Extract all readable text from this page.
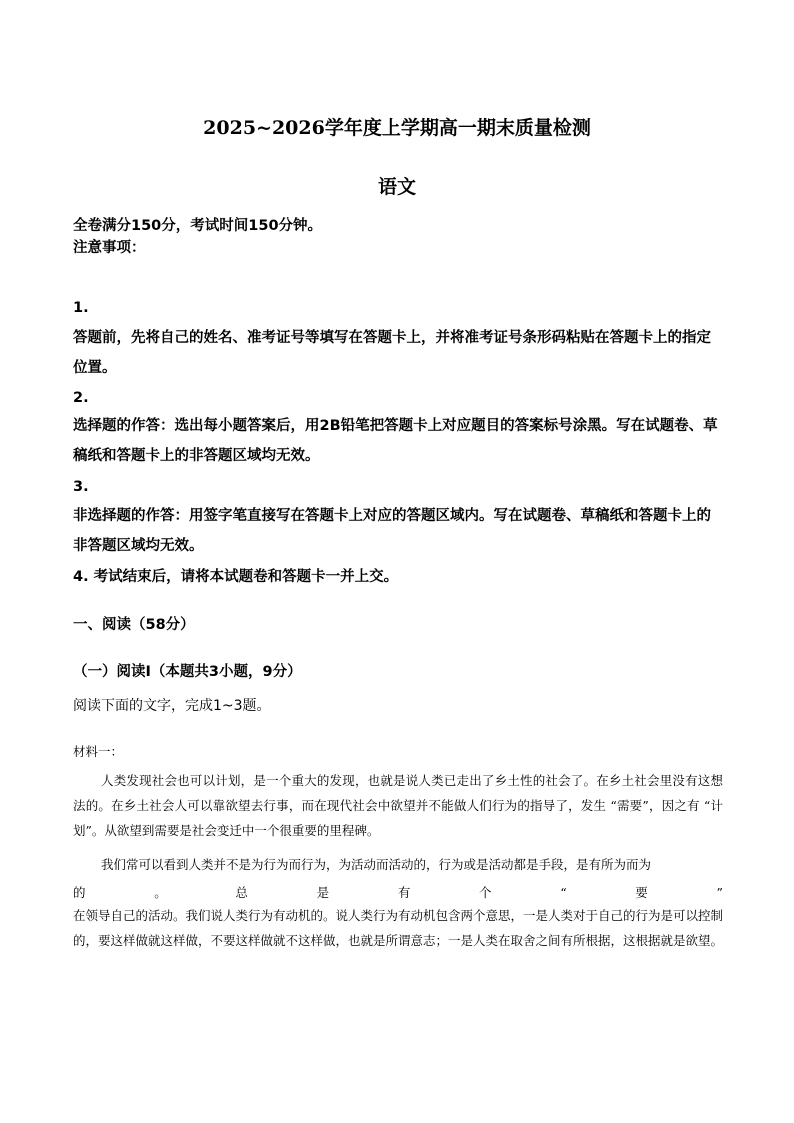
2025~2026学年度上学期高一期末质量检测
语文
全卷满分150分，考试时间150分钟。
注意事项：
1.
答题前，先将自己的姓名、准考证号等填写在答题卡上，并将准考证号条形码粘贴在答题卡上的指定位置。
2.
选择题的作答：选出每小题答案后，用2B铅笔把答题卡上对应题目的答案标号涂黑。写在试题卷、草稿纸和答题卡上的非答题区域均无效。
3.
非选择题的作答：用签字笔直接写在答题卡上对应的答题区域内。写在试题卷、草稿纸和答题卡上的非答题区域均无效。
4. 考试结束后，请将本试题卷和答题卡一并上交。
一、阅读（58分）
（一）阅读Ⅰ（本题共3小题，9分）
阅读下面的文字，完成1~3题。
材料一：
人类发现社会也可以计划，是一个重大的发现，也就是说人类已走出了乡土性的社会了。在乡土社会里没有这想法的。在乡土社会人可以靠欲望去行事，而在现代社会中欲望并不能做人们行为的指导了，发生 “需要”，因之有 “计划”。从欲望到需要是社会变迁中一个很重要的里程碑。
我们常可以看到人类并不是为行为而行为，为活动而活动的，行为或是活动都是手段，是有所为而为
的	。	总	是	有	个	“	要	”
在领导自己的活动。我们说人类行为有动机的。说人类行为有动机包含两个意思，一是人类对于自己的行为是可以控制的，要这样做就这样做，不要这样做就不这样做，也就是所谓意志；一是人类在取舍之间有所根据，这根据就是欲望。
